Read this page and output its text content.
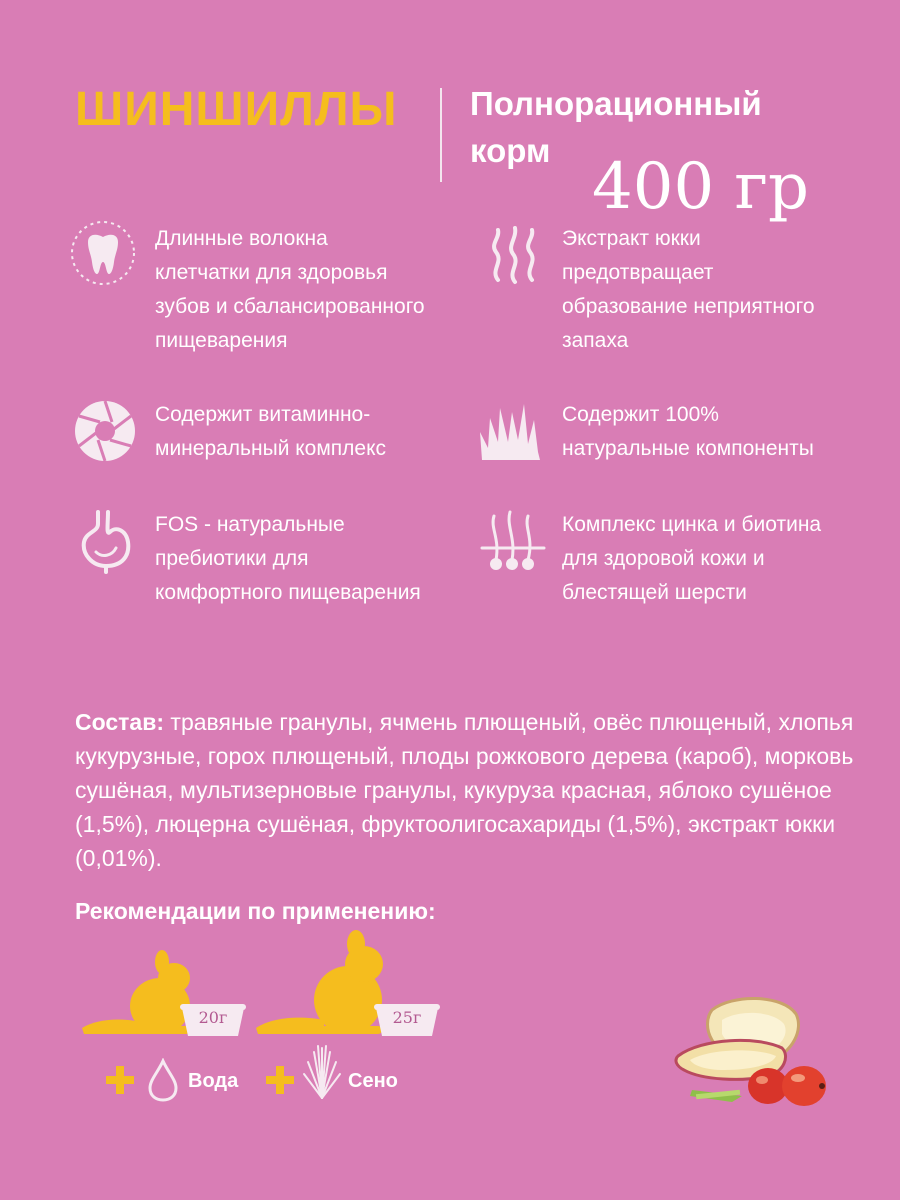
ШИНШИЛЛЫ Полнорационный
корм 400 гр
Длинные волокна
клетчатки для здоровья
зубов и сбалансированного
пищеварения
Экстракт юкки
предотвращает
образование неприятного
запаха
Содержит витаминно-
минеральный комплекс
Содержит 100%
натуральные компоненты
FOS - натуральные
пребиотики для
комфортного пищеварения
Комплекс цинка и биотина
для здоровой кожи и
блестящей шерсти
Состав: травяные гранулы, ячмень плющеный, овёс плющеный, хлопья кукурузные, горох плющеный, плоды рожкового дерева (кароб), морковь сушёная, мультизерновые гранулы, кукуруза красная, яблоко сушёное (1,5%), люцерна сушёная, фруктоолигосахариды (1,5%), экстракт юкки (0,01%).
Рекомендации по применению:
20г	25г
Вода	Сено
